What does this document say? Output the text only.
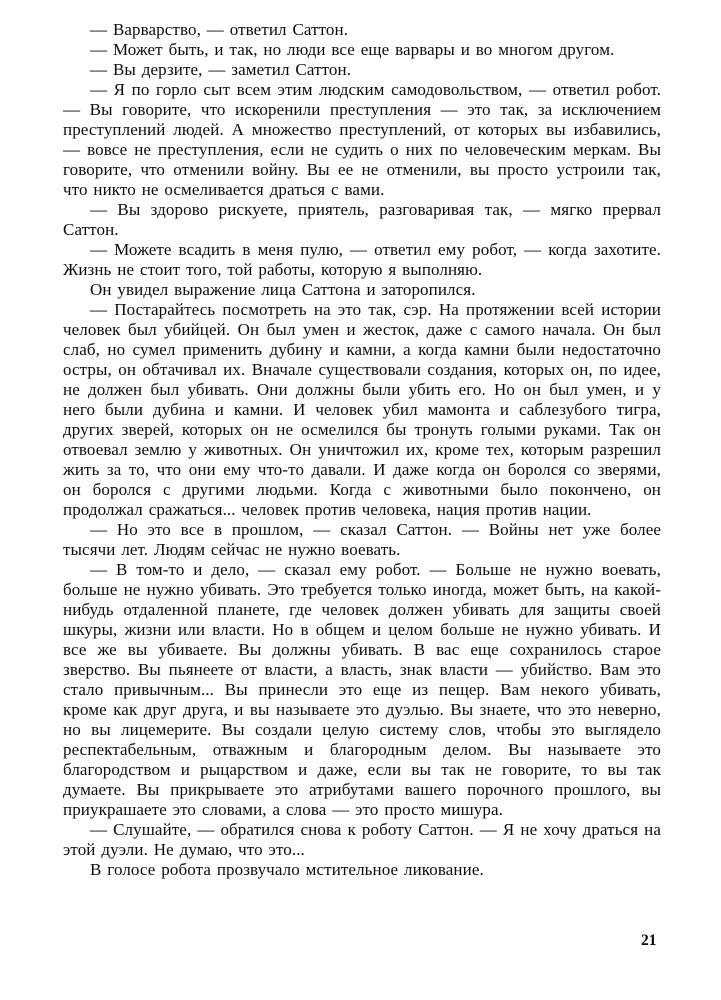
— Варварство, — ответил Саттон.

— Может быть, и так, но люди все еще варвары и во многом другом.

— Вы дерзите, — заметил Саттон.

— Я по горло сыт всем этим людским самодовольством, — ответил робот. — Вы говорите, что искоренили преступления — это так, за исключением преступлений людей. А множество преступлений, от которых вы избавились, — вовсе не преступления, если не судить о них по человеческим меркам. Вы говорите, что отменили войну. Вы ее не отменили, вы просто устроили так, что никто не осмеливается драться с вами.

— Вы здорово рискуете, приятель, разговаривая так, — мягко прервал Саттон.

— Можете всадить в меня пулю, — ответил ему робот, — когда захотите. Жизнь не стоит того, той работы, которую я выполняю.

Он увидел выражение лица Саттона и заторопился.

— Постарайтесь посмотреть на это так, сэр. На протяжении всей истории человек был убийцей. Он был умен и жесток, даже с самого начала. Он был слаб, но сумел применить дубину и камни, а когда камни были недостаточно остры, он обтачивал их. Вначале существовали создания, которых он, по идее, не должен был убивать. Они должны были убить его. Но он был умен, и у него были дубина и камни. И человек убил мамонта и саблезубого тигра, других зверей, которых он не осмелился бы тронуть голыми руками. Так он отвоевал землю у животных. Он уничтожил их, кроме тех, которым разрешил жить за то, что они ему что-то давали. И даже когда он боролся со зверями, он боролся с другими людьми. Когда с животными было покончено, он продолжал сражаться... человек против человека, нация против нации.

— Но это все в прошлом, — сказал Саттон. — Войны нет уже более тысячи лет. Людям сейчас не нужно воевать.

— В том-то и дело, — сказал ему робот. — Больше не нужно воевать, больше не нужно убивать. Это требуется только иногда, может быть, на какой-нибудь отдаленной планете, где человек должен убивать для защиты своей шкуры, жизни или власти. Но в общем и целом больше не нужно убивать. И все же вы убиваете. Вы должны убивать. В вас еще сохранилось старое зверство. Вы пьянеете от власти, а власть, знак власти — убийство. Вам это стало привычным... Вы принесли это еще из пещер. Вам некого убивать, кроме как друг друга, и вы называете это дуэлью. Вы знаете, что это неверно, но вы лицемерите. Вы создали целую систему слов, чтобы это выглядело респектабельным, отважным и благородным делом. Вы называете это благородством и рыцарством и даже, если вы так не говорите, то вы так думаете. Вы прикрываете это атрибутами вашего порочного прошлого, вы приукрашаете это словами, а слова — это просто мишура.

— Слушайте, — обратился снова к роботу Саттон. — Я не хочу драться на этой дуэли. Не думаю, что это...

В голосе робота прозвучало мстительное ликование.

21
